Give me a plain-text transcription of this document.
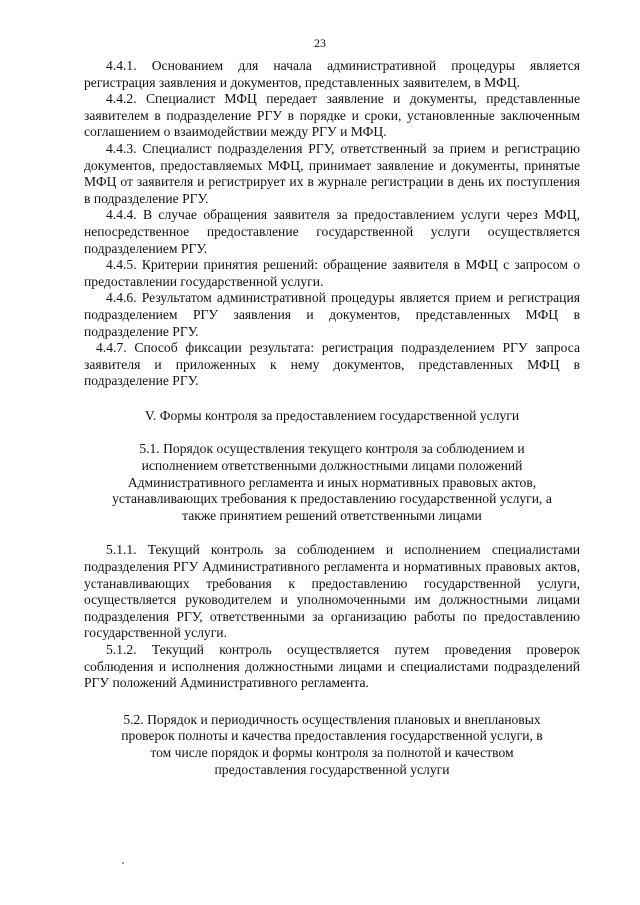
23

4.4.1. Основанием для начала административной процедуры является регистрация заявления и документов, представленных заявителем, в МФЦ.

4.4.2. Специалист МФЦ передает заявление и документы, представленные заявителем в подразделение РГУ в порядке и сроки, установленные заключенным соглашением о взаимодействии между РГУ и МФЦ.

4.4.3. Специалист подразделения РГУ, ответственный за прием и регистрацию документов, предоставляемых МФЦ, принимает заявление и документы, принятые МФЦ от заявителя и регистрирует их в журнале регистрации в день их поступления в подразделение РГУ.

4.4.4. В случае обращения заявителя за предоставлением услуги через МФЦ, непосредственное предоставление государственной услуги осуществляется подразделением РГУ.

4.4.5. Критерии принятия решений: обращение заявителя в МФЦ с запросом о предоставлении государственной услуги.

4.4.6. Результатом административной процедуры является прием и регистрация подразделением РГУ заявления и документов, представленных МФЦ в подразделение РГУ.

4.4.7. Способ фиксации результата: регистрация подразделением РГУ запроса заявителя и приложенных к нему документов, представленных МФЦ в подразделение РГУ.

V. Формы контроля за предоставлением государственной услуги
5.1. Порядок осуществления текущего контроля за соблюдением и исполнением ответственными должностными лицами положений Административного регламента и иных нормативных правовых актов, устанавливающих требования к предоставлению государственной услуги, а также принятием решений ответственными лицами

5.1.1. Текущий контроль за соблюдением и исполнением специалистами подразделения РГУ Административного регламента и нормативных правовых актов, устанавливающих требования к предоставлению государственной услуги, осуществляется руководителем и уполномоченными им должностными лицами подразделения РГУ, ответственными за организацию работы по предоставлению государственной услуги.

5.1.2. Текущий контроль осуществляется путем проведения проверок соблюдения и исполнения должностными лицами и специалистами подразделений РГУ положений Административного регламента.

5.2. Порядок и периодичность осуществления плановых и внеплановых проверок полноты и качества предоставления государственной услуги, в том числе порядок и формы контроля за полнотой и качеством предоставления государственной услуги
